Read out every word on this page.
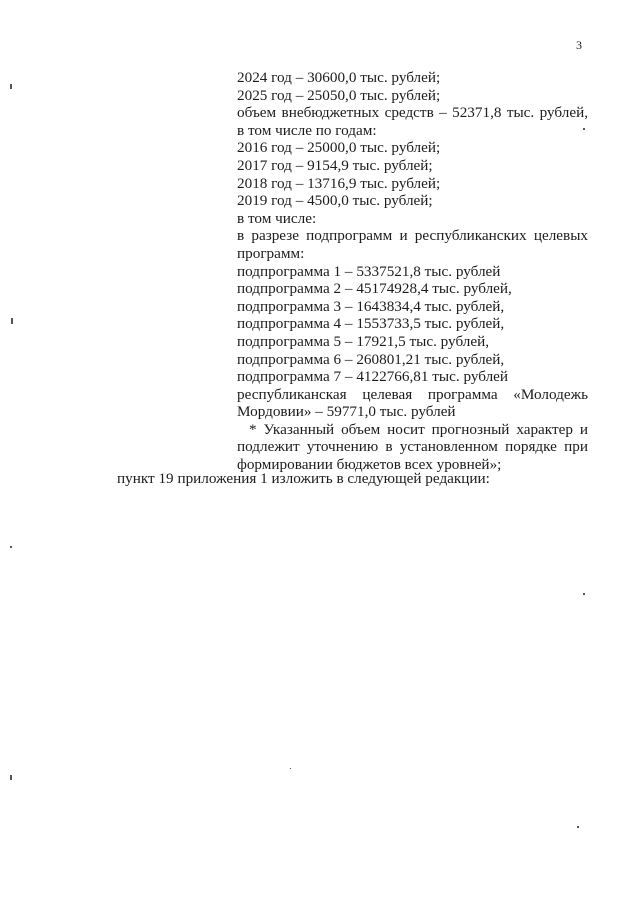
3
2024 год – 30600,0 тыс. рублей;
2025 год – 25050,0 тыс. рублей;
объем внебюджетных средств – 52371,8 тыс. рублей, в том числе по годам:
2016 год – 25000,0 тыс. рублей;
2017 год – 9154,9 тыс. рублей;
2018 год – 13716,9 тыс. рублей;
2019 год – 4500,0 тыс. рублей;
в том числе:
в разрезе подпрограмм и республиканских целевых программ:
подпрограмма 1 – 5337521,8 тыс. рублей
подпрограмма 2 – 45174928,4 тыс. рублей,
подпрограмма 3 – 1643834,4 тыс. рублей,
подпрограмма 4 – 1553733,5 тыс. рублей,
подпрограмма 5 – 17921,5 тыс. рублей,
подпрограмма 6 – 260801,21 тыс. рублей,
подпрограмма 7 – 4122766,81 тыс. рублей
республиканская целевая программа «Молодежь Мордовии» – 59771,0 тыс. рублей
* Указанный объем носит прогнозный характер и подлежит уточнению в установленном порядке при формировании бюджетов всех уровней»;
пункт 19 приложения 1 изложить в следующей редакции:
